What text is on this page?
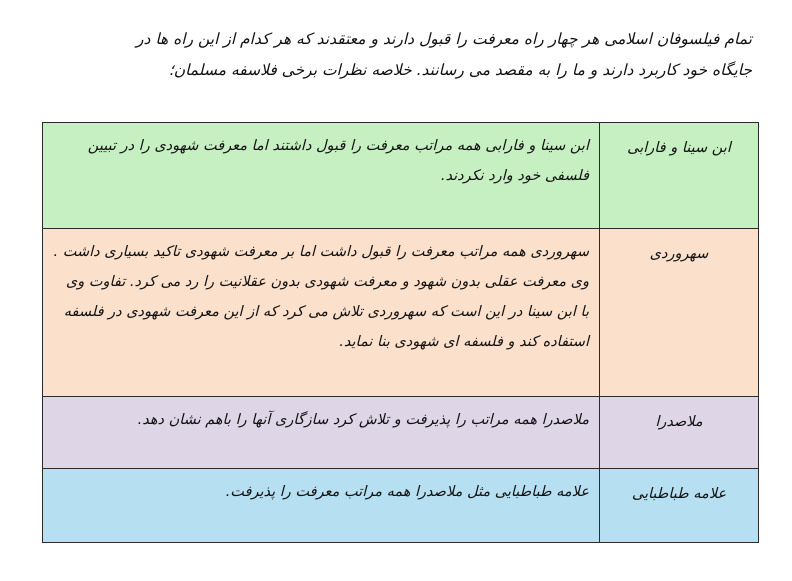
تمام فیلسوفان اسلامی هر چهار راه معرفت را قبول دارند و معتقدند که هر کدام از این راه ها در
جایگاه خود کاربرد دارند و ما را به مقصد می رسانند. خلاصه نظرات برخی فلاسفه مسلمان؛
ابن سینا و فارابی	ابن سینا و فارابی همه مراتب معرفت را قبول داشتند اما معرفت شهودی را در تبیین فلسفی خود وارد نکردند.
سهروردی	سهروردی همه مراتب معرفت را قبول داشت اما بر معرفت شهودی تاکید بسیاری داشت . وی معرفت عقلی بدون شهود و معرفت شهودی بدون عقلانیت را رد می کرد. تفاوت وی با ابن سینا در این است که سهروردی تلاش می کرد که از این معرفت شهودی در فلسفه استفاده کند و فلسفه ای شهودی بنا نماید.
ملاصدرا	ملاصدرا همه مراتب را پذیرفت و تلاش کرد سازگاری آنها را باهم نشان دهد.
علامه طباطبایی	علامه طباطبایی مثل ملاصدرا همه مراتب معرفت را پذیرفت.
